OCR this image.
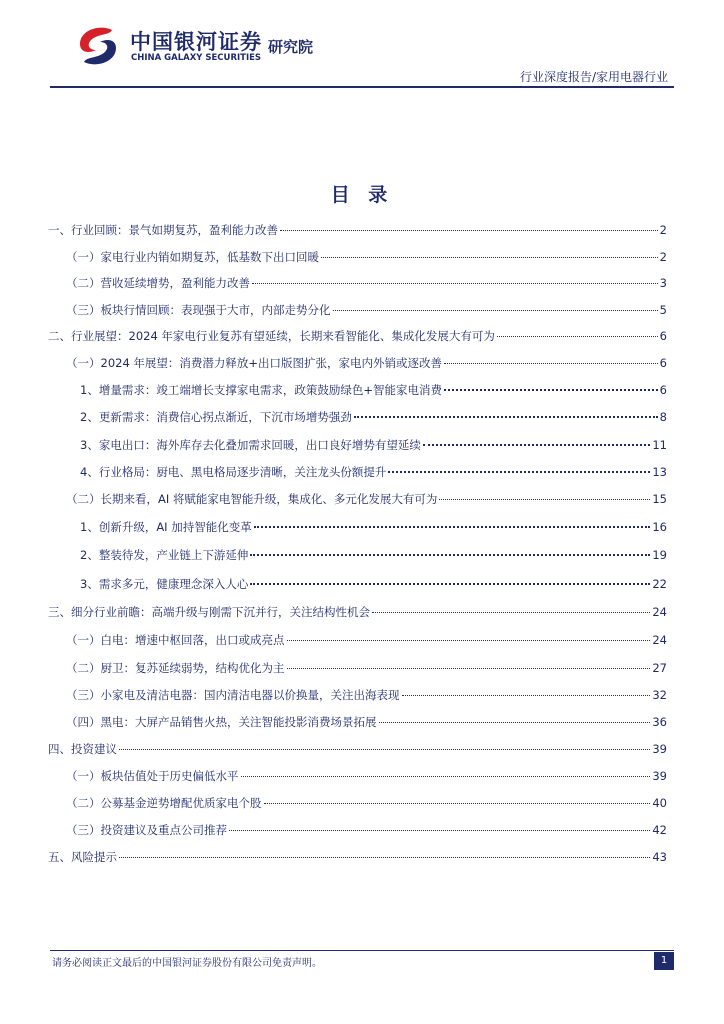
中国银河证券
CHINA GALAXY SECURITIES
研究院
行业深度报告/家用电器行业
目 录
一、行业回顾：景气如期复苏，盈利能力改善	2
（一）家电行业内销如期复苏，低基数下出口回暖	2
（二）营收延续增势，盈利能力改善	3
（三）板块行情回顾：表现强于大市，内部走势分化	5
二、行业展望：2024 年家电行业复苏有望延续，长期来看智能化、集成化发展大有可为	6
（一）2024 年展望：消费潜力释放+出口版图扩张，家电内外销或逐改善	6
1、增量需求：竣工端增长支撑家电需求，政策鼓励绿色+智能家电消费	6
2、更新需求：消费信心拐点渐近，下沉市场增势强劲	8
3、家电出口：海外库存去化叠加需求回暖，出口良好增势有望延续	11
4、行业格局：厨电、黑电格局逐步清晰，关注龙头份额提升	13
（二）长期来看，AI 将赋能家电智能升级，集成化、多元化发展大有可为	15
1、创新升级，AI 加持智能化变革	16
2、整装待发，产业链上下游延伸	19
3、需求多元，健康理念深入人心	22
三、细分行业前瞻：高端升级与刚需下沉并行，关注结构性机会	24
（一）白电：增速中枢回落，出口或成亮点	24
（二）厨卫：复苏延续弱势，结构优化为主	27
（三）小家电及清洁电器：国内清洁电器以价换量，关注出海表现	32
（四）黑电：大屏产品销售火热，关注智能投影消费场景拓展	36
四、投资建议	39
（一）板块估值处于历史偏低水平	39
（二）公募基金逆势增配优质家电个股	40
（三）投资建议及重点公司推荐	42
五、风险提示	43
请务必阅读正文最后的中国银河证券股份有限公司免责声明。	1
